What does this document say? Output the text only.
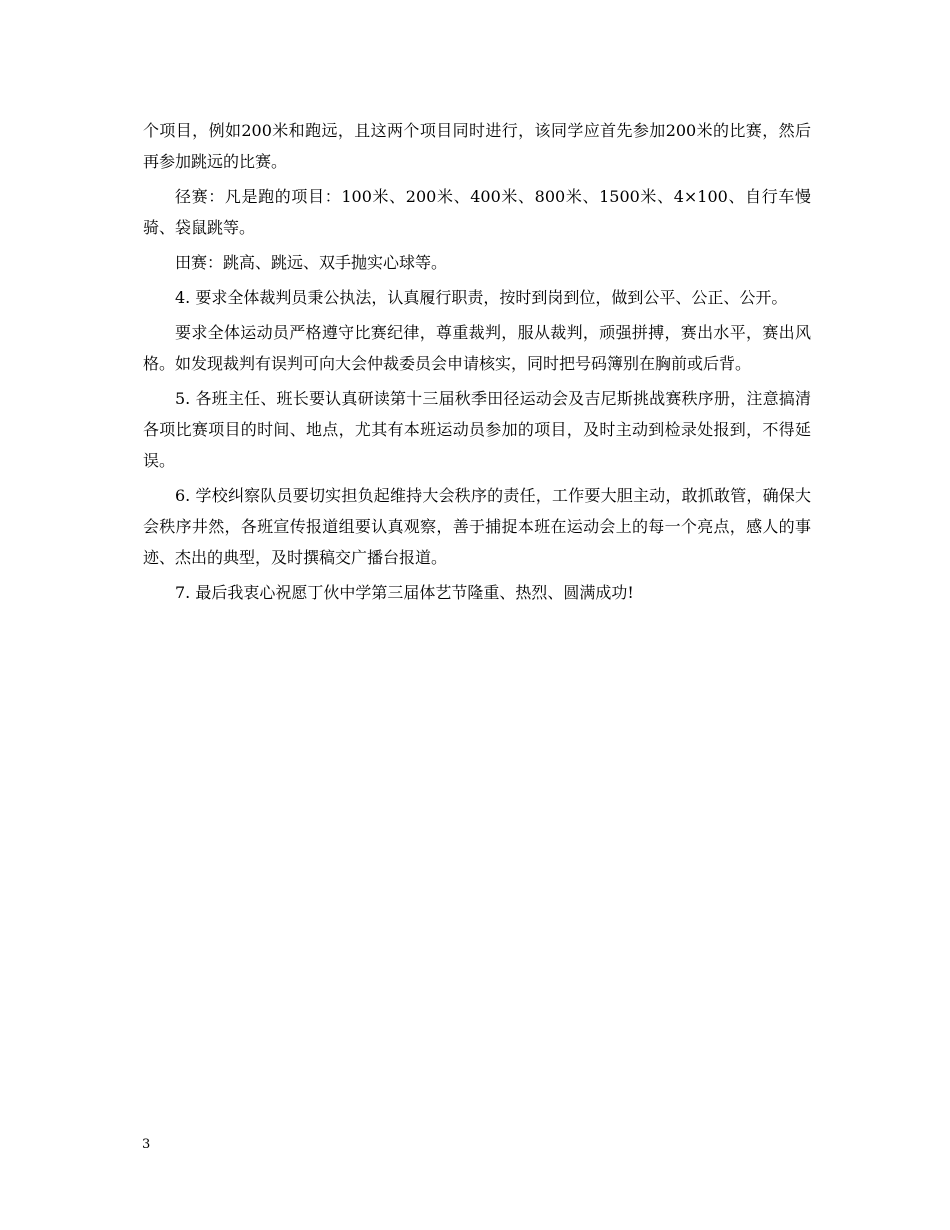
个项目，例如200米和跑远，且这两个项目同时进行，该同学应首先参加200米的比赛，然后再参加跳远的比赛。

径赛：凡是跑的项目：100米、200米、400米、800米、1500米、4×100、自行车慢骑、袋鼠跳等。

田赛：跳高、跳远、双手抛实心球等。

4. 要求全体裁判员秉公执法，认真履行职责，按时到岗到位，做到公平、公正、公开。

要求全体运动员严格遵守比赛纪律，尊重裁判，服从裁判，顽强拼搏，赛出水平，赛出风格。如发现裁判有误判可向大会仲裁委员会申请核实，同时把号码簿别在胸前或后背。

5. 各班主任、班长要认真研读第十三届秋季田径运动会及吉尼斯挑战赛秩序册，注意搞清各项比赛项目的时间、地点，尤其有本班运动员参加的项目，及时主动到检录处报到，不得延误。

6. 学校纠察队员要切实担负起维持大会秩序的责任，工作要大胆主动，敢抓敢管，确保大会秩序井然，各班宣传报道组要认真观察，善于捕捉本班在运动会上的每一个亮点，感人的事迹、杰出的典型，及时撰稿交广播台报道。

7. 最后我衷心祝愿丁伙中学第三届体艺节隆重、热烈、圆满成功!

3
